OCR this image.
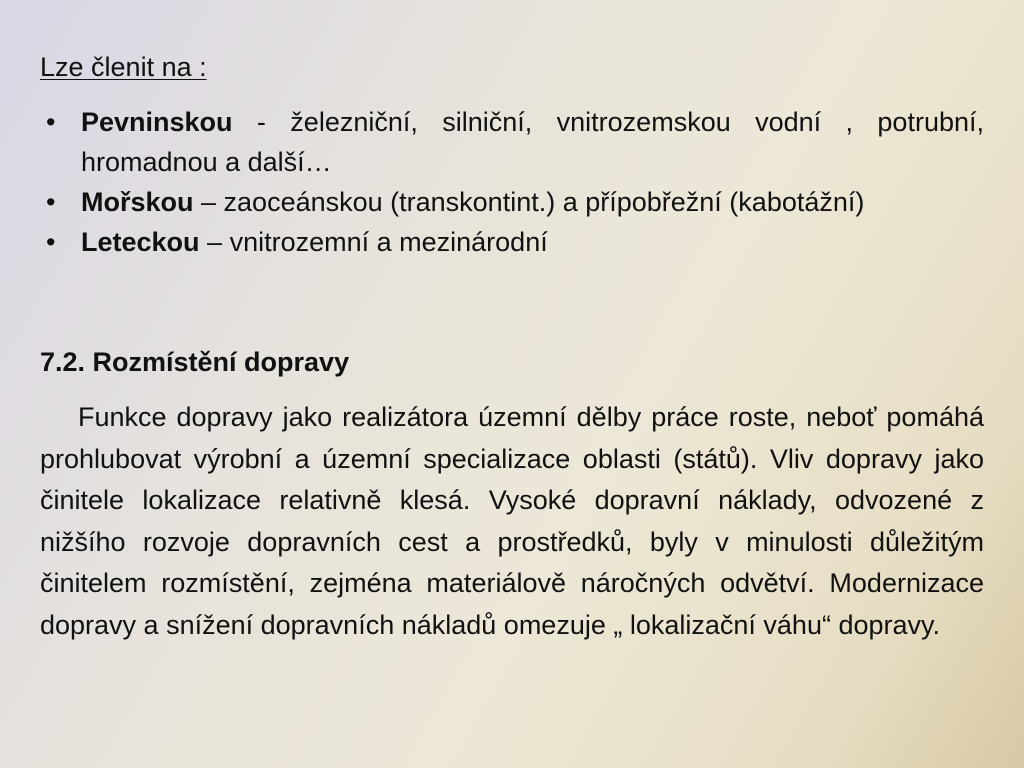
Lze členit na :
• Pevninskou - železniční, silniční, vnitrozemskou vodní , potrubní, hromadnou a další…
• Mořskou – zaoceánskou (transkontint.) a přípobřežní (kabotážní)
• Leteckou – vnitrozemní a mezinárodní
7.2. Rozmístění dopravy

Funkce dopravy jako realizátora územní dělby práce roste, neboť pomáhá prohlubovat výrobní a územní specializace oblasti (států). Vliv dopravy jako činitele lokalizace relativně klesá. Vysoké dopravní náklady, odvozené z nižšího rozvoje dopravních cest a prostředků, byly v minulosti důležitým činitelem rozmístění, zejména materiálově náročných odvětví. Modernizace dopravy a snížení dopravních nákladů omezuje „ lokalizační váhu“ dopravy.
